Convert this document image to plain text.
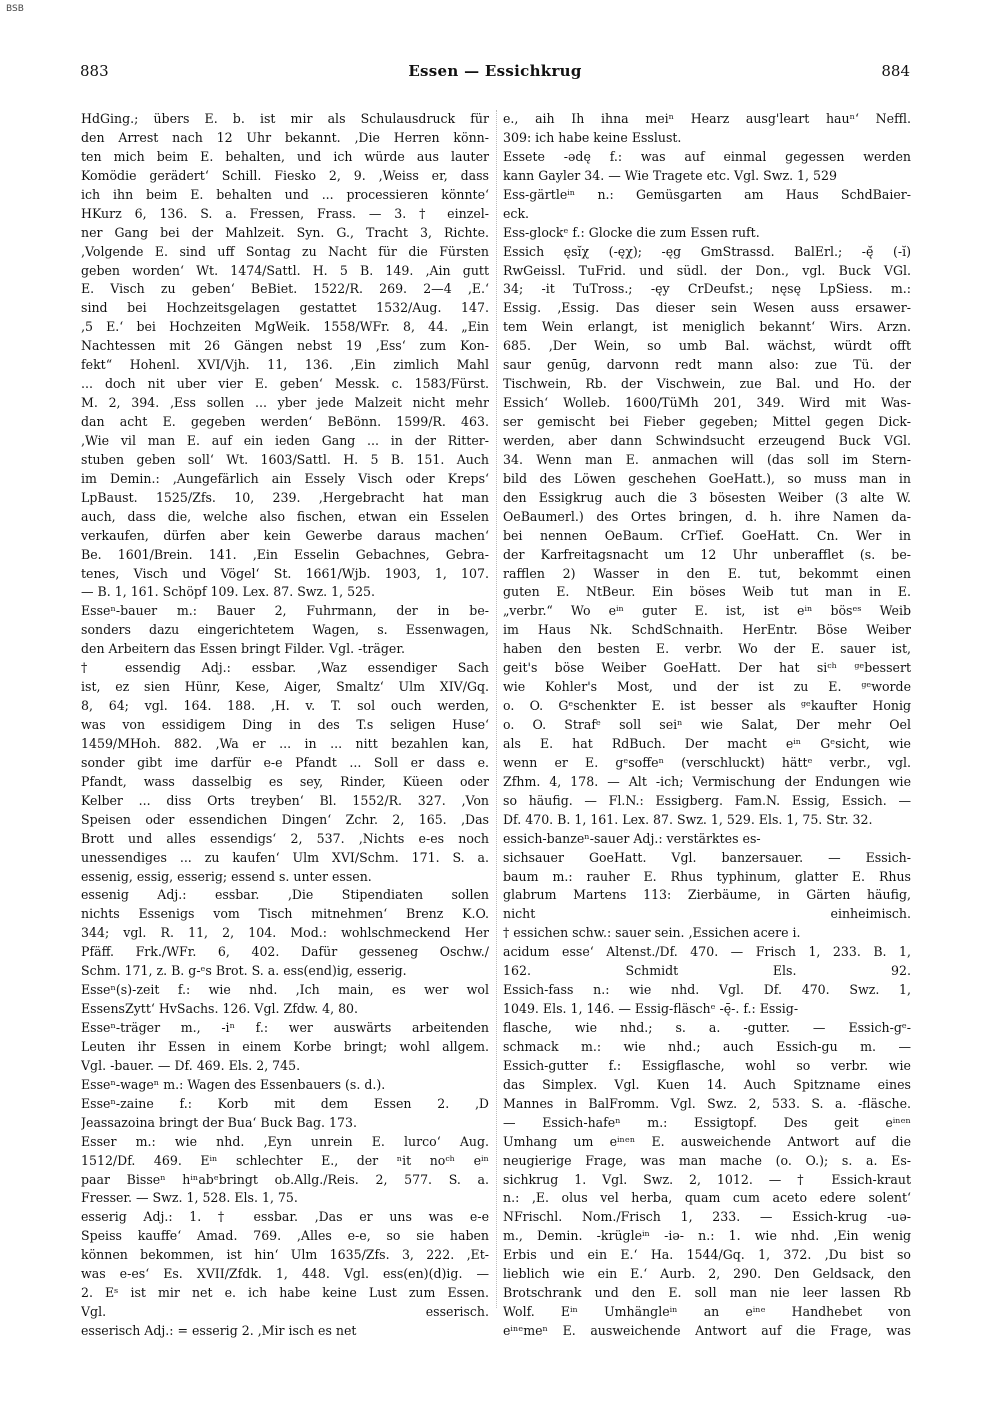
BSB
883	Essen — Essichkrug	884
HdGing.; übers E. b. ist mir als Schulausdruck für
den Arrest nach 12 Uhr bekannt. ‚Die Herren könn-
ten mich beim E. behalten, und ich würde aus lauter
Komödie gerädert‘ Schill. Fiesko 2, 9. ‚Weiss er, dass
ich ihn beim E. behalten und ... processieren könnte‘
HKurz 6, 136. S. a. Fressen, Frass. — 3. † einzel-
ner Gang bei der Mahlzeit. Syn. G., Tracht 3, Richte.
‚Volgende E. sind uff Sontag zu Nacht für die Fürsten
geben worden‘ Wt. 1474/Sattl. H. 5 B. 149. ‚Ain gutt
E. Visch zu geben‘ BeBiet. 1522/R. 269. 2—4 ‚E.‘
sind bei Hochzeitsgelagen gestattet 1532/Aug. 147.
‚5 E.‘ bei Hochzeiten MgWeik. 1558/WFr. 8, 44. „Ein
Nachtessen mit 26 Gängen nebst 19 ‚Ess‘ zum Kon-
fekt“ Hohenl. XVI/Vjh. 11, 136. ‚Ein zimlich Mahl
... doch nit uber vier E. geben‘ Messk. c. 1583/Fürst.
M. 2, 394. ‚Ess sollen ... yber jede Malzeit nicht mehr
dan acht E. gegeben werden‘ BeBönn. 1599/R. 463.
‚Wie vil man E. auf ein ieden Gang ... in der Ritter-
stuben geben soll‘ Wt. 1603/Sattl. H. 5 B. 151. Auch
im Demin.: ‚Aungefärlich ain Essely Visch oder Kreps‘
LpBaust. 1525/Zfs. 10, 239. ‚Hergebracht hat man
auch, dass die, welche also fischen, etwan ein Esselen
verkaufen, dürfen aber kein Gewerbe daraus machen‘
Be. 1601/Brein. 141. ‚Ein Esselin Gebachnes, Gebra-
tenes, Visch und Vögel‘ St. 1661/Wjb. 1903, 1, 107.
— B. 1, 161. Schöpf 109. Lex. 87. Swz. 1, 525.
Esseⁿ-bauer m.: Bauer 2, Fuhrmann, der in be-
sonders dazu eingerichtetem Wagen, s. Essenwagen,
den Arbeitern das Essen bringt Filder. Vgl. -träger.
† essendig Adj.: essbar. ‚Waz essendiger Sach
ist, ez sien Hünr, Kese, Aiger, Smaltz‘ Ulm XIV/Gq.
8, 64; vgl. 164. 188. ‚H. v. T. sol ouch werden,
was von essidigem Ding in des T.s seligen Huse‘
1459/MHoh. 882. ‚Wa er ... in ... nitt bezahlen kan,
sonder gibt ime darfür e-e Pfandt ... Soll er dass e.
Pfandt, wass dasselbig es sey, Rinder, Küeen oder
Kelber ... diss Orts treyben‘ Bl. 1552/R. 327. ‚Von
Speisen oder essendichen Dingen‘ Zchr. 2, 165. ‚Das
Brott und alles essendigs‘ 2, 537. ‚Nichts e-es noch
unessendiges ... zu kaufen‘ Ulm XVI/Schm. 171. S. a.
essenig, essig, esserig; essend s. unter essen.
essenig Adj.: essbar. ‚Die Stipendiaten sollen
nichts Essenigs vom Tisch mitnehmen‘ Brenz K.O.
344; vgl. R. 11, 2, 104. Mod.: wohlschmeckend Her
Pfäff. Frk./WFr. 6, 402. Dafür gesseneg Oschw./
Schm. 171, z. B. g-ᵉs Brot. S. a. ess(end)ig, esserig.
Esseⁿ(s)-zeit f.: wie nhd. ‚Ich main, es wer wol
EssensZytt‘ HvSachs. 126. Vgl. Zfdw. 4, 80.
Esseⁿ-träger m., -iⁿ f.: wer auswärts arbeitenden
Leuten ihr Essen in einem Korbe bringt; wohl allgem.
Vgl. -bauer. — Df. 469. Els. 2, 745.
Esseⁿ-wageⁿ m.: Wagen des Essenbauers (s. d.).
Esseⁿ-zaine f.: Korb mit dem Essen 2. ‚D
Jeassazoina bringt der Bua‘ Buck Bag. 173.
Esser m.: wie nhd. ‚Eyn unrein E. lurco‘ Aug.
1512/Df. 469. Eⁱⁿ schlechter E., der ⁿit noᶜʰ eⁱⁿ
paar Bisseⁿ hⁱⁿabᵉbringt ob.Allg./Reis. 2, 577. S. a.
Fresser. — Swz. 1, 528. Els. 1, 75.
esserig Adj.: 1. † essbar. ‚Das er uns was e-e
Speiss kauffe‘ Amad. 769. ‚Alles e-e, so sie haben
können bekommen, ist hin‘ Ulm 1635/Zfs. 3, 222. ‚Et-
was e-es‘ Es. XVII/Zfdk. 1, 448. Vgl. ess(en)(d)ig. —
2. Eˢ ist mir net e. ich habe keine Lust zum Essen.
Vgl. esserisch.
esserisch Adj.: = esserig 2. ‚Mir isch es net
e., aih Ih ihna meiⁿ Hearz ausg'leart hauⁿ‘ Neffl.
309: ich habe keine Esslust.
Essete -ədę f.: was auf einmal gegessen werden
kann Gayler 34. — Wie Tragete etc. Vgl. Swz. 1, 529
Ess-gärtleⁱⁿ n.: Gemüsgarten am Haus SchdBaier-
eck.
Ess-glockᵉ f.: Glocke die zum Essen ruft.
Essich ęsĭχ (-ęχ); -ęg GmStrassd. BalErl.; -ę̆ (-ĭ)
RwGeissl. TuFrid. und südl. der Don., vgl. Buck VGl.
34; -it TuTross.; -ęy CrDeufst.; nęsę LpSiess. m.:
Essig. ‚Essig. Das dieser sein Wesen auss ersawer-
tem Wein erlangt, ist meniglich bekannt‘ Wirs. Arzn.
685. ‚Der Wein, so umb Bal. wächst, würdt offt
saur genūg, darvonn redt mann also: zue Tü. der
Tischwein, Rb. der Vischwein, zue Bal. und Ho. der
Essich‘ Wolleb. 1600/TüMh 201, 349. Wird mit Was-
ser gemischt bei Fieber gegeben; Mittel gegen Dick-
werden, aber dann Schwindsucht erzeugend Buck VGl.
34. Wenn man E. anmachen will (das soll im Stern-
bild des Löwen geschehen GoeHatt.), so muss man in
den Essigkrug auch die 3 bösesten Weiber (3 alte W.
OeBaumerl.) des Ortes bringen, d. h. ihre Namen da-
bei nennen OeBaum. CrTief. GoeHatt. Cn. Wer in
der Karfreitagsnacht um 12 Uhr unberafflet (s. be-
rafflen 2) Wasser in den E. tut, bekommt einen
guten E. NtBeur. Ein böses Weib tut man in E.
„verbr.“ Wo eⁱⁿ guter E. ist, ist eⁱⁿ bösᵉˢ Weib
im Haus Nk. SchdSchnaith. HerEntr. Böse Weiber
haben den besten E. verbr. Wo der E. sauer ist,
geit's böse Weiber GoeHatt. Der hat siᶜʰ ᵍᵉbessert
wie Kohler's Most, und der ist zu E. ᵍᵉworde
o. O. Gᵉschenkter E. ist besser als ᵍᵉkaufter Honig
o. O. Strafᵉ soll seiⁿ wie Salat, Der mehr Oel
als E. hat RdBuch. Der macht eⁱⁿ Gᵉsicht, wie
wenn er E. gᵉsoffeⁿ (verschluckt) hättᵉ verbr., vgl.
Zfhm. 4, 178. — Alt -ich; Vermischung der Endungen wie
so häufig. — Fl.N.: Essigberg. Fam.N. Essig, Essich. —
Df. 470. B. 1, 161. Lex. 87. Swz. 1, 529. Els. 1, 75. Str. 32.
essich-banzeⁿ-sauer Adj.: verstärktes es-
sichsauer GoeHatt. Vgl. banzersauer. — Essich-
baum m.: rauher E. Rhus typhinum, glatter E. Rhus
glabrum Martens 113: Zierbäume, in Gärten häufig,
nicht einheimisch.
† essichen schw.: sauer sein. ‚Essichen acere i.
acidum esse‘ Altenst./Df. 470. — Frisch 1, 233. B. 1,
162. Schmidt Els. 92.
Essich-fass n.: wie nhd. Vgl. Df. 470. Swz. 1,
1049. Els. 1, 146. — Essig-fläschᵉ -ę̄-. f.: Essig-
flasche, wie nhd.; s. a. -gutter. — Essich-gᵉ-
schmack m.: wie nhd.; auch Essich-gu m. —
Essich-gutter f.: Essigflasche, wohl so verbr. wie
das Simplex. Vgl. Kuen 14. Auch Spitzname eines
Mannes in BalFromm. Vgl. Swz. 2, 533. S. a. -fläsche.
— Essich-hafeⁿ m.: Essigtopf. Des geit eⁱⁿᵉⁿ
Umhang um eⁱⁿᵉⁿ E. ausweichende Antwort auf die
neugierige Frage, was man mache (o. O.); s. a. Es-
sichkrug 1. Vgl. Swz. 2, 1012. — † Essich-kraut
n.: ‚E. olus vel herba, quam cum aceto edere solent‘
NFrischl. Nom./Frisch 1, 233. — Essich-krug -uə-
m., Demin. -krügleⁱⁿ -iə- n.: 1. wie nhd. ‚Ein wenig
Erbis und ein E.‘ Ha. 1544/Gq. 1, 372. ‚Du bist so
lieblich wie ein E.‘ Aurb. 2, 290. Den Geldsack, den
Brotschrank und den E. soll man nie leer lassen Rb
Wolf. Eⁱⁿ Umhängleⁱⁿ an eⁱⁿᵉ Handhebet von
eⁱⁿᵉmeⁿ E. ausweichende Antwort auf die Frage, was
